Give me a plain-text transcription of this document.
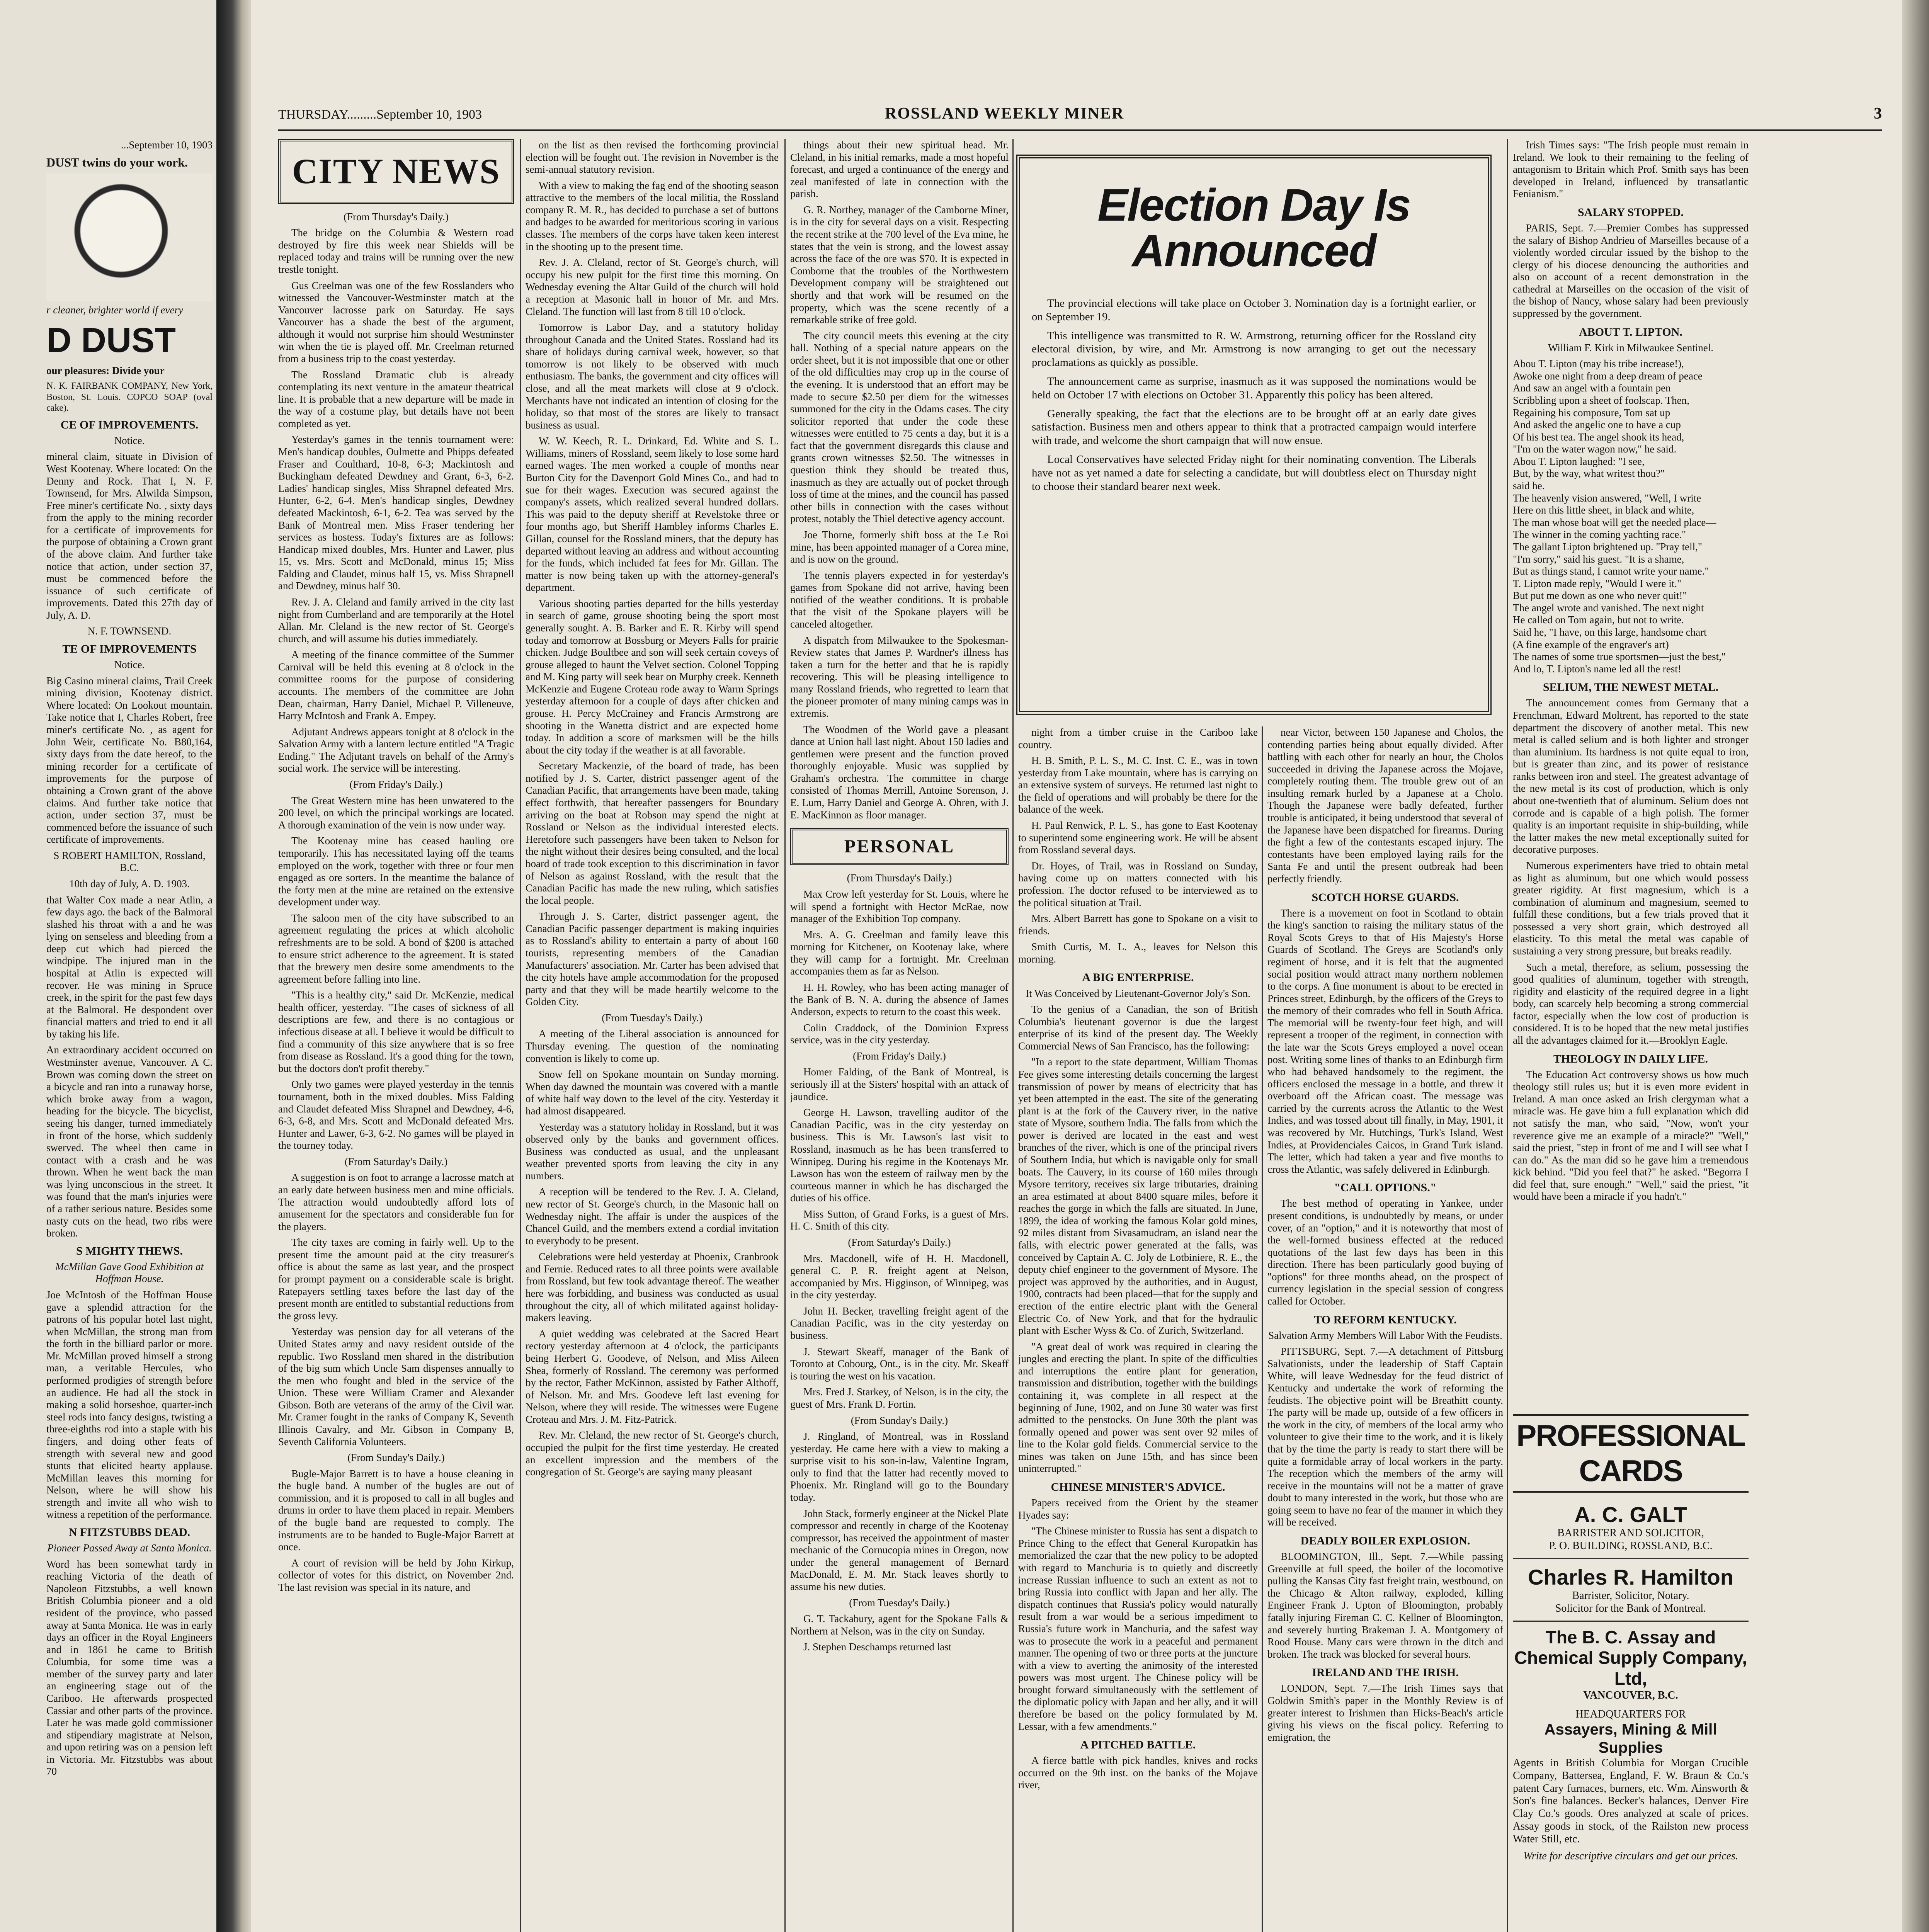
...September 10, 1903

DUST twins do your work.

r cleaner, brighter world if every

D DUST

our pleasures: Divide your

N. K. FAIRBANK COMPANY, New York, Boston, St. Louis. COPCO SOAP (oval cake).

CE OF IMPROVEMENTS.

Notice.

mineral claim, situate in Division of West Kootenay. Where located: On the Denny and Rock. That I, N. F. Townsend, for Mrs. Alwilda Simpson, Free miner's certificate No. , sixty days from the apply to the mining recorder for a certificate of improvements for the purpose of obtaining a Crown grant of the above claim. And further take notice that action, under section 37, must be commenced before the issuance of such certificate of improvements. Dated this 27th day of July, A. D.

N. F. TOWNSEND.

TE OF IMPROVEMENTS

Notice.

Big Casino mineral claims, Trail Creek mining division, Kootenay district. Where located: On Lookout mountain. Take notice that I, Charles Robert, free miner's certificate No. , as agent for John Weir, certificate No. B80,164, sixty days from the date hereof, to the mining recorder for a certificate of improvements for the purpose of obtaining a Crown grant of the above claims. And further take notice that action, under section 37, must be commenced before the issuance of such certificate of improvements.

S ROBERT HAMILTON, Rossland, B.C.

10th day of July, A. D. 1903.

that Walter Cox made a near Atlin, a few days ago. the back of the Balmoral slashed his throat with a and he was lying on senseless and bleeding from a deep cut which had pierced the windpipe. The injured man in the hospital at Atlin is expected will recover. He was mining in Spruce creek, in the spirit for the past few days at the Balmoral. He despondent over financial matters and tried to end it all by taking his life.

An extraordinary accident occurred on Westminster avenue, Vancouver. A C. Brown was coming down the street on a bicycle and ran into a runaway horse, which broke away from a wagon, heading for the bicycle. The bicyclist, seeing his danger, turned immediately in front of the horse, which suddenly swerved. The wheel then came in contact with a crash and he was thrown. When he went back the man was lying unconscious in the street. It was found that the man's injuries were of a rather serious nature. Besides some nasty cuts on the head, two ribs were broken.

S MIGHTY THEWS.

McMillan Gave Good Exhibition at Hoffman House.

Joe McIntosh of the Hoffman House gave a splendid attraction for the patrons of his popular hotel last night, when McMillan, the strong man from the forth in the billiard parlor or more. Mr. McMillan proved himself a strong man, a veritable Hercules, who performed prodigies of strength before an audience. He had all the stock in making a solid horseshoe, quarter-inch steel rods into fancy designs, twisting a three-eighths rod into a staple with his fingers, and doing other feats of strength with several new and good stunts that elicited hearty applause. McMillan leaves this morning for Nelson, where he will show his strength and invite all who wish to witness a repetition of the performance.

N FITZSTUBBS DEAD.

Pioneer Passed Away at Santa Monica.

Word has been somewhat tardy in reaching Victoria of the death of Napoleon Fitzstubbs, a well known British Columbia pioneer and a old resident of the province, who passed away at Santa Monica. He was in early days an officer in the Royal Engineers and in 1861 he came to British Columbia, for some time was a member of the survey party and later an engineering stage out of the Cariboo. He afterwards prospected Cassiar and other parts of the province. Later he was made gold commissioner and stipendiary magistrate at Nelson, and upon retiring was on a pension left in Victoria. Mr. Fitzstubbs was about 70

THURSDAY.........September 10, 1903	ROSSLAND WEEKLY MINER	3
CITY NEWS

(From Thursday's Daily.)

The bridge on the Columbia & Western road destroyed by fire this week near Shields will be replaced today and trains will be running over the new trestle tonight.

Gus Creelman was one of the few Rosslanders who witnessed the Vancouver-Westminster match at the Vancouver lacrosse park on Saturday. He says Vancouver has a shade the best of the argument, although it would not surprise him should Westminster win when the tie is played off. Mr. Creelman returned from a business trip to the coast yesterday.

The Rossland Dramatic club is already contemplating its next venture in the amateur theatrical line. It is probable that a new departure will be made in the way of a costume play, but details have not been completed as yet.

Yesterday's games in the tennis tournament were: Men's handicap doubles, Oulmette and Phipps defeated Fraser and Coulthard, 10-8, 6-3; Mackintosh and Buckingham defeated Dewdney and Grant, 6-3, 6-2. Ladies' handicap singles, Miss Shrapnel defeated Mrs. Hunter, 6-2, 6-4. Men's handicap singles, Dewdney defeated Mackintosh, 6-1, 6-2. Tea was served by the Bank of Montreal men. Miss Fraser tendering her services as hostess. Today's fixtures are as follows: Handicap mixed doubles, Mrs. Hunter and Lawer, plus 15, vs. Mrs. Scott and McDonald, minus 15; Miss Falding and Claudet, minus half 15, vs. Miss Shrapnell and Dewdney, minus half 30.

Rev. J. A. Cleland and family arrived in the city last night from Cumberland and are temporarily at the Hotel Allan. Mr. Cleland is the new rector of St. George's church, and will assume his duties immediately.

A meeting of the finance committee of the Summer Carnival will be held this evening at 8 o'clock in the committee rooms for the purpose of considering accounts. The members of the committee are John Dean, chairman, Harry Daniel, Michael P. Villeneuve, Harry McIntosh and Frank A. Empey.

Adjutant Andrews appears tonight at 8 o'clock in the Salvation Army with a lantern lecture entitled "A Tragic Ending." The Adjutant travels on behalf of the Army's social work. The service will be interesting.

(From Friday's Daily.)

The Great Western mine has been unwatered to the 200 level, on which the principal workings are located. A thorough examination of the vein is now under way.

The Kootenay mine has ceased hauling ore temporarily. This has necessitated laying off the teams employed on the work, together with three or four men engaged as ore sorters. In the meantime the balance of the forty men at the mine are retained on the extensive development under way.

The saloon men of the city have subscribed to an agreement regulating the prices at which alcoholic refreshments are to be sold. A bond of $200 is attached to ensure strict adherence to the agreement. It is stated that the brewery men desire some amendments to the agreement before falling into line.

"This is a healthy city," said Dr. McKenzie, medical health officer, yesterday. "The cases of sickness of all descriptions are few, and there is no contagious or infectious disease at all. I believe it would be difficult to find a community of this size anywhere that is so free from disease as Rossland. It's a good thing for the town, but the doctors don't profit thereby."

Only two games were played yesterday in the tennis tournament, both in the mixed doubles. Miss Falding and Claudet defeated Miss Shrapnel and Dewdney, 4-6, 6-3, 6-8, and Mrs. Scott and McDonald defeated Mrs. Hunter and Lawer, 6-3, 6-2. No games will be played in the tourney today.

(From Saturday's Daily.)

A suggestion is on foot to arrange a lacrosse match at an early date between business men and mine officials. The attraction would undoubtedly afford lots of amusement for the spectators and considerable fun for the players.

The city taxes are coming in fairly well. Up to the present time the amount paid at the city treasurer's office is about the same as last year, and the prospect for prompt payment on a considerable scale is bright. Ratepayers settling taxes before the last day of the present month are entitled to substantial reductions from the gross levy.

Yesterday was pension day for all veterans of the United States army and navy resident outside of the republic. Two Rossland men shared in the distribution of the big sum which Uncle Sam dispenses annually to the men who fought and bled in the service of the Union. These were William Cramer and Alexander Gibson. Both are veterans of the army of the Civil war. Mr. Cramer fought in the ranks of Company K, Seventh Illinois Cavalry, and Mr. Gibson in Company B, Seventh California Volunteers.

(From Sunday's Daily.)

Bugle-Major Barrett is to have a house cleaning in the bugle band. A number of the bugles are out of commission, and it is proposed to call in all bugles and drums in order to have them placed in repair. Members of the bugle band are requested to comply. The instruments are to be handed to Bugle-Major Barrett at once.

A court of revision will be held by John Kirkup, collector of votes for this district, on November 2nd. The last revision was special in its nature, and

on the list as then revised the forthcoming provincial election will be fought out. The revision in November is the semi-annual statutory revision.

With a view to making the fag end of the shooting season attractive to the members of the local militia, the Rossland company R. M. R., has decided to purchase a set of buttons and badges to be awarded for meritorious scoring in various classes. The members of the corps have taken keen interest in the shooting up to the present time.

Rev. J. A. Cleland, rector of St. George's church, will occupy his new pulpit for the first time this morning. On Wednesday evening the Altar Guild of the church will hold a reception at Masonic hall in honor of Mr. and Mrs. Cleland. The function will last from 8 till 10 o'clock.

Tomorrow is Labor Day, and a statutory holiday throughout Canada and the United States. Rossland had its share of holidays during carnival week, however, so that tomorrow is not likely to be observed with much enthusiasm. The banks, the government and city offices will close, and all the meat markets will close at 9 o'clock. Merchants have not indicated an intention of closing for the holiday, so that most of the stores are likely to transact business as usual.

W. W. Keech, R. L. Drinkard, Ed. White and S. L. Williams, miners of Rossland, seem likely to lose some hard earned wages. The men worked a couple of months near Burton City for the Davenport Gold Mines Co., and had to sue for their wages. Execution was secured against the company's assets, which realized several hundred dollars. This was paid to the deputy sheriff at Revelstoke three or four months ago, but Sheriff Hambley informs Charles E. Gillan, counsel for the Rossland miners, that the deputy has departed without leaving an address and without accounting for the funds, which included fat fees for Mr. Gillan. The matter is now being taken up with the attorney-general's department.

Various shooting parties departed for the hills yesterday in search of game, grouse shooting being the sport most generally sought. A. B. Barker and E. R. Kirby will spend today and tomorrow at Bossburg or Meyers Falls for prairie chicken. Judge Boultbee and son will seek certain coveys of grouse alleged to haunt the Velvet section. Colonel Topping and M. King party will seek bear on Murphy creek. Kenneth McKenzie and Eugene Croteau rode away to Warm Springs yesterday afternoon for a couple of days after chicken and grouse. H. Percy McCrainey and Francis Armstrong are shooting in the Wanetta district and are expected home today. In addition a score of marksmen will be the hills about the city today if the weather is at all favorable.

Secretary Mackenzie, of the board of trade, has been notified by J. S. Carter, district passenger agent of the Canadian Pacific, that arrangements have been made, taking effect forthwith, that hereafter passengers for Boundary arriving on the boat at Robson may spend the night at Rossland or Nelson as the individual interested elects. Heretofore such passengers have been taken to Nelson for the night without their desires being consulted, and the local board of trade took exception to this discrimination in favor of Nelson as against Rossland, with the result that the Canadian Pacific has made the new ruling, which satisfies the local people.

Through J. S. Carter, district passenger agent, the Canadian Pacific passenger department is making inquiries as to Rossland's ability to entertain a party of about 160 tourists, representing members of the Canadian Manufacturers' association. Mr. Carter has been advised that the city hotels have ample accommodation for the proposed party and that they will be made heartily welcome to the Golden City.

(From Tuesday's Daily.)

A meeting of the Liberal association is announced for Thursday evening. The question of the nominating convention is likely to come up.

Snow fell on Spokane mountain on Sunday morning. When day dawned the mountain was covered with a mantle of white half way down to the level of the city. Yesterday it had almost disappeared.

Yesterday was a statutory holiday in Rossland, but it was observed only by the banks and government offices. Business was conducted as usual, and the unpleasant weather prevented sports from leaving the city in any numbers.

A reception will be tendered to the Rev. J. A. Cleland, new rector of St. George's church, in the Masonic hall on Wednesday night. The affair is under the auspices of the Chancel Guild, and the members extend a cordial invitation to everybody to be present.

Celebrations were held yesterday at Phoenix, Cranbrook and Fernie. Reduced rates to all three points were available from Rossland, but few took advantage thereof. The weather here was forbidding, and business was conducted as usual throughout the city, all of which militated against holiday-makers leaving.

A quiet wedding was celebrated at the Sacred Heart rectory yesterday afternoon at 4 o'clock, the participants being Herbert G. Goodeve, of Nelson, and Miss Aileen Shea, formerly of Rossland. The ceremony was performed by the rector, Father McKinnon, assisted by Father Althoff, of Nelson. Mr. and Mrs. Goodeve left last evening for Nelson, where they will reside. The witnesses were Eugene Croteau and Mrs. J. M. Fitz-Patrick.

Rev. Mr. Cleland, the new rector of St. George's church, occupied the pulpit for the first time yesterday. He created an excellent impression and the members of the congregation of St. George's are saying many pleasant

things about their new spiritual head. Mr. Cleland, in his initial remarks, made a most hopeful forecast, and urged a continuance of the energy and zeal manifested of late in connection with the parish.

G. R. Northey, manager of the Camborne Miner, is in the city for several days on a visit. Respecting the recent strike at the 700 level of the Eva mine, he states that the vein is strong, and the lowest assay across the face of the ore was $70. It is expected in Comborne that the troubles of the Northwestern Development company will be straightened out shortly and that work will be resumed on the property, which was the scene recently of a remarkable strike of free gold.

The city council meets this evening at the city hall. Nothing of a special nature appears on the order sheet, but it is not impossible that one or other of the old difficulties may crop up in the course of the evening. It is understood that an effort may be made to secure $2.50 per diem for the witnesses summoned for the city in the Odams cases. The city solicitor reported that under the code these witnesses were entitled to 75 cents a day, but it is a fact that the government disregards this clause and grants crown witnesses $2.50. The witnesses in question think they should be treated thus, inasmuch as they are actually out of pocket through loss of time at the mines, and the council has passed other bills in connection with the cases without protest, notably the Thiel detective agency account.

Joe Thorne, formerly shift boss at the Le Roi mine, has been appointed manager of a Corea mine, and is now on the ground.

The tennis players expected in for yesterday's games from Spokane did not arrive, having been notified of the weather conditions. It is probable that the visit of the Spokane players will be canceled altogether.

A dispatch from Milwaukee to the Spokesman-Review states that James P. Wardner's illness has taken a turn for the better and that he is rapidly recovering. This will be pleasing intelligence to many Rossland friends, who regretted to learn that the pioneer promoter of many mining camps was in extremis.

The Woodmen of the World gave a pleasant dance at Union hall last night. About 150 ladies and gentlemen were present and the function proved thoroughly enjoyable. Music was supplied by Graham's orchestra. The committee in charge consisted of Thomas Merrill, Antoine Sorenson, J. E. Lum, Harry Daniel and George A. Ohren, with J. E. MacKinnon as floor manager.

PERSONAL

(From Thursday's Daily.)

Max Crow left yesterday for St. Louis, where he will spend a fortnight with Hector McRae, now manager of the Exhibition Top company.

Mrs. A. G. Creelman and family leave this morning for Kitchener, on Kootenay lake, where they will camp for a fortnight. Mr. Creelman accompanies them as far as Nelson.

H. H. Rowley, who has been acting manager of the Bank of B. N. A. during the absence of James Anderson, expects to return to the coast this week.

Colin Craddock, of the Dominion Express service, was in the city yesterday.

(From Friday's Daily.)

Homer Falding, of the Bank of Montreal, is seriously ill at the Sisters' hospital with an attack of jaundice.

George H. Lawson, travelling auditor of the Canadian Pacific, was in the city yesterday on business. This is Mr. Lawson's last visit to Rossland, inasmuch as he has been transferred to Winnipeg. During his regime in the Kootenays Mr. Lawson has won the esteem of railway men by the courteous manner in which he has discharged the duties of his office.

Miss Sutton, of Grand Forks, is a guest of Mrs. H. C. Smith of this city.

(From Saturday's Daily.)

Mrs. Macdonell, wife of H. H. Macdonell, general C. P. R. freight agent at Nelson, accompanied by Mrs. Higginson, of Winnipeg, was in the city yesterday.

John H. Becker, travelling freight agent of the Canadian Pacific, was in the city yesterday on business.

J. Stewart Skeaff, manager of the Bank of Toronto at Cobourg, Ont., is in the city. Mr. Skeaff is touring the west on his vacation.

Mrs. Fred J. Starkey, of Nelson, is in the city, the guest of Mrs. Frank D. Fortin.

(From Sunday's Daily.)

J. Ringland, of Montreal, was in Rossland yesterday. He came here with a view to making a surprise visit to his son-in-law, Valentine Ingram, only to find that the latter had recently moved to Phoenix. Mr. Ringland will go to the Boundary today.

John Stack, formerly engineer at the Nickel Plate compressor and recently in charge of the Kootenay compressor, has received the appointment of master mechanic of the Cornucopia mines in Oregon, now under the general management of Bernard MacDonald, E. M. Mr. Stack leaves shortly to assume his new duties.

(From Tuesday's Daily.)

G. T. Tackabury, agent for the Spokane Falls & Northern at Nelson, was in the city on Sunday.

J. Stephen Deschamps returned last

Election Day Is Announced

The provincial elections will take place on October 3. Nomination day is a fortnight earlier, or on September 19.

This intelligence was transmitted to R. W. Armstrong, returning officer for the Rossland city electoral division, by wire, and Mr. Armstrong is now arranging to get out the necessary proclamations as quickly as possible.

The announcement came as surprise, inasmuch as it was supposed the nominations would be held on October 17 with elections on October 31. Apparently this policy has been altered.

Generally speaking, the fact that the elections are to be brought off at an early date gives satisfaction. Business men and others appear to think that a protracted campaign would interfere with trade, and welcome the short campaign that will now ensue.

Local Conservatives have selected Friday night for their nominating convention. The Liberals have not as yet named a date for selecting a candidate, but will doubtless elect on Thursday night to choose their standard bearer next week.

night from a timber cruise in the Cariboo lake country.

H. B. Smith, P. L. S., M. C. Inst. C. E., was in town yesterday from Lake mountain, where has is carrying on an extensive system of surveys. He returned last night to the field of operations and will probably be there for the balance of the week.

H. Paul Renwick, P. L. S., has gone to East Kootenay to superintend some engineering work. He will be absent from Rossland several days.

Dr. Hoyes, of Trail, was in Rossland on Sunday, having come up on matters connected with his profession. The doctor refused to be interviewed as to the political situation at Trail.

Mrs. Albert Barrett has gone to Spokane on a visit to friends.

Smith Curtis, M. L. A., leaves for Nelson this morning.

A BIG ENTERPRISE.

It Was Conceived by Lieutenant-Governor Joly's Son.

To the genius of a Canadian, the son of British Columbia's lieutenant governor is due the largest enterprise of its kind of the present day. The Weekly Commercial News of San Francisco, has the following:

"In a report to the state department, William Thomas Fee gives some interesting details concerning the largest transmission of power by means of electricity that has yet been attempted in the east. The site of the generating plant is at the fork of the Cauvery river, in the native state of Mysore, southern India. The falls from which the power is derived are located in the east and west branches of the river, which is one of the principal rivers of Southern India, but which is navigable only for small boats. The Cauvery, in its course of 160 miles through Mysore territory, receives six large tributaries, draining an area estimated at about 8400 square miles, before it reaches the gorge in which the falls are situated. In June, 1899, the idea of working the famous Kolar gold mines, 92 miles distant from Sivasamudram, an island near the falls, with electric power generated at the falls, was conceived by Captain A. C. Joly de Lotbiniere, R. E., the deputy chief engineer to the government of Mysore. The project was approved by the authorities, and in August, 1900, contracts had been placed—that for the supply and erection of the entire electric plant with the General Electric Co. of New York, and that for the hydraulic plant with Escher Wyss & Co. of Zurich, Switzerland.

"A great deal of work was required in clearing the jungles and erecting the plant. In spite of the difficulties and interruptions the entire plant for generation, transmission and distribution, together with the buildings containing it, was complete in all respect at the beginning of June, 1902, and on June 30 water was first admitted to the penstocks. On June 30th the plant was formally opened and power was sent over 92 miles of line to the Kolar gold fields. Commercial service to the mines was taken on June 15th, and has since been uninterrupted."

CHINESE MINISTER'S ADVICE.

Papers received from the Orient by the steamer Hyades say:

"The Chinese minister to Russia has sent a dispatch to Prince Ching to the effect that General Kuropatkin has memorialized the czar that the new policy to be adopted with regard to Manchuria is to quietly and discreetly increase Russian influence to such an extent as not to bring Russia into conflict with Japan and her ally. The dispatch continues that Russia's policy would naturally result from a war would be a serious impediment to Russia's future work in Manchuria, and the safest way was to prosecute the work in a peaceful and permanent manner. The opening of two or three ports at the juncture with a view to averting the animosity of the interested powers was most urgent. The Chinese policy will be brought forward simultaneously with the settlement of the diplomatic policy with Japan and her ally, and it will therefore be based on the policy formulated by M. Lessar, with a few amendments."

A PITCHED BATTLE.

A fierce battle with pick handles, knives and rocks occurred on the 9th inst. on the banks of the Mojave river,

near Victor, between 150 Japanese and Cholos, the contending parties being about equally divided. After battling with each other for nearly an hour, the Cholos succeeded in driving the Japanese across the Mojave, completely routing them. The trouble grew out of an insulting remark hurled by a Japanese at a Cholo. Though the Japanese were badly defeated, further trouble is anticipated, it being understood that several of the Japanese have been dispatched for firearms. During the fight a few of the contestants escaped injury. The contestants have been employed laying rails for the Santa Fe and until the present outbreak had been perfectly friendly.

SCOTCH HORSE GUARDS.

There is a movement on foot in Scotland to obtain the king's sanction to raising the military status of the Royal Scots Greys to that of His Majesty's Horse Guards of Scotland. The Greys are Scotland's only regiment of horse, and it is felt that the augmented social position would attract many northern noblemen to the corps. A fine monument is about to be erected in Princes street, Edinburgh, by the officers of the Greys to the memory of their comrades who fell in South Africa. The memorial will be twenty-four feet high, and will represent a trooper of the regiment, in connection with the late war the Scots Greys employed a novel ocean post. Writing some lines of thanks to an Edinburgh firm who had behaved handsomely to the regiment, the officers enclosed the message in a bottle, and threw it overboard off the African coast. The message was carried by the currents across the Atlantic to the West Indies, and was tossed about till finally, in May, 1901, it was recovered by Mr. Hutchings, Turk's Island, West Indies, at Providenciales Caicos, in Grand Turk island. The letter, which had taken a year and five months to cross the Atlantic, was safely delivered in Edinburgh.

"CALL OPTIONS."

The best method of operating in Yankee, under present conditions, is undoubtedly by means, or under cover, of an "option," and it is noteworthy that most of the well-formed business effected at the reduced quotations of the last few days has been in this direction. There has been particularly good buying of "options" for three months ahead, on the prospect of currency legislation in the special session of congress called for October.

TO REFORM KENTUCKY.

Salvation Army Members Will Labor With the Feudists.

PITTSBURG, Sept. 7.—A detachment of Pittsburg Salvationists, under the leadership of Staff Captain White, will leave Wednesday for the feud district of Kentucky and undertake the work of reforming the feudists. The objective point will be Breathitt county. The party will be made up, outside of a few officers in the work in the city, of members of the local army who volunteer to give their time to the work, and it is likely that by the time the party is ready to start there will be quite a formidable array of local workers in the party. The reception which the members of the army will receive in the mountains will not be a matter of grave doubt to many interested in the work, but those who are going seem to have no fear of the manner in which they will be received.

DEADLY BOILER EXPLOSION.

BLOOMINGTON, Ill., Sept. 7.—While passing Greenville at full speed, the boiler of the locomotive pulling the Kansas City fast freight train, westbound, on the Chicago & Alton railway, exploded, killing Engineer Frank J. Upton of Bloomington, probably fatally injuring Fireman C. C. Kellner of Bloomington, and severely hurting Brakeman J. A. Montgomery of Rood House. Many cars were thrown in the ditch and broken. The track was blocked for several hours.

IRELAND AND THE IRISH.

LONDON, Sept. 7.—The Irish Times says that Goldwin Smith's paper in the Monthly Review is of greater interest to Irishmen than Hicks-Beach's article giving his views on the fiscal policy. Referring to emigration, the

Irish Times says: "The Irish people must remain in Ireland. We look to their remaining to the feeling of antagonism to Britain which Prof. Smith says has been developed in Ireland, influenced by transatlantic Fenianism."

SALARY STOPPED.

PARIS, Sept. 7.—Premier Combes has suppressed the salary of Bishop Andrieu of Marseilles because of a violently worded circular issued by the bishop to the clergy of his diocese denouncing the authorities and also on account of a recent demonstration in the cathedral at Marseilles on the occasion of the visit of the bishop of Nancy, whose salary had been previously suppressed by the government.

ABOUT T. LIPTON.

William F. Kirk in Milwaukee Sentinel.

Abou T. Lipton (may his tribe increase!),
Awoke one night from a deep dream of peace
And saw an angel with a fountain pen
Scribbling upon a sheet of foolscap. Then,
Regaining his composure, Tom sat up
And asked the angelic one to have a cup
Of his best tea. The angel shook its head,
"I'm on the water wagon now," he said.
Abou T. Lipton laughed: "I see,
But, by the way, what writest thou?"
said he.
The heavenly vision answered, "Well, I write
Here on this little sheet, in black and white,
The man whose boat will get the needed place—
The winner in the coming yachting race."
The gallant Lipton brightened up. "Pray tell,"
"I'm sorry," said his guest. "It is a shame,
But as things stand, I cannot write your name."
T. Lipton made reply, "Would I were it."
But put me down as one who never quit!"
The angel wrote and vanished. The next night
He called on Tom again, but not to write.
Said he, "I have, on this large, handsome chart
(A fine example of the engraver's art)
The names of some true sportsmen—just the best,"
And lo, T. Lipton's name led all the rest!
SELIUM, THE NEWEST METAL.

The announcement comes from Germany that a Frenchman, Edward Moltrent, has reported to the state department the discovery of another metal. This new metal is called selium and is both lighter and stronger than aluminium. Its hardness is not quite equal to iron, but is greater than zinc, and its power of resistance ranks between iron and steel. The greatest advantage of the new metal is its cost of production, which is only about one-twentieth that of aluminum. Selium does not corrode and is capable of a high polish. The former quality is an important requisite in ship-building, while the latter makes the new metal exceptionally suited for decorative purposes.

Numerous experimenters have tried to obtain metal as light as aluminum, but one which would possess greater rigidity. At first magnesium, which is a combination of aluminum and magnesium, seemed to fulfill these conditions, but a few trials proved that it possessed a very short grain, which destroyed all elasticity. To this metal the metal was capable of sustaining a very strong pressure, but breaks readily.

Such a metal, therefore, as selium, possessing the good qualities of aluminum, together with strength, rigidity and elasticity of the required degree in a light body, can scarcely help becoming a strong commercial factor, especially when the low cost of production is considered. It is to be hoped that the new metal justifies all the advantages claimed for it.—Brooklyn Eagle.

THEOLOGY IN DAILY LIFE.

The Education Act controversy shows us how much theology still rules us; but it is even more evident in Ireland. A man once asked an Irish clergyman what a miracle was. He gave him a full explanation which did not satisfy the man, who said, "Now, won't your reverence give me an example of a miracle?" "Well," said the priest, "step in front of me and I will see what I can do." As the man did so he gave him a tremendous kick behind. "Did you feel that?" he asked. "Begorra I did feel that, sure enough." "Well," said the priest, "it would have been a miracle if you hadn't."

PROFESSIONAL CARDS
A. C. GALT
BARRISTER AND SOLICITOR,
P. O. BUILDING, ROSSLAND, B.C.
Charles R. Hamilton
Barrister, Solicitor, Notary.
Solicitor for the Bank of Montreal.
The B. C. Assay and Chemical Supply Company, Ltd,
VANCOUVER, B.C.
HEADQUARTERS FOR
Assayers, Mining & Mill Supplies
Agents in British Columbia for Morgan Crucible Company, Battersea, England, F. W. Braun & Co.'s patent Cary furnaces, burners, etc. Wm. Ainsworth & Son's fine balances. Becker's balances, Denver Fire Clay Co.'s goods. Ores analyzed at scale of prices. Assay goods in stock, of the Railston new process Water Still, etc.
Write for descriptive circulars and get our prices.
